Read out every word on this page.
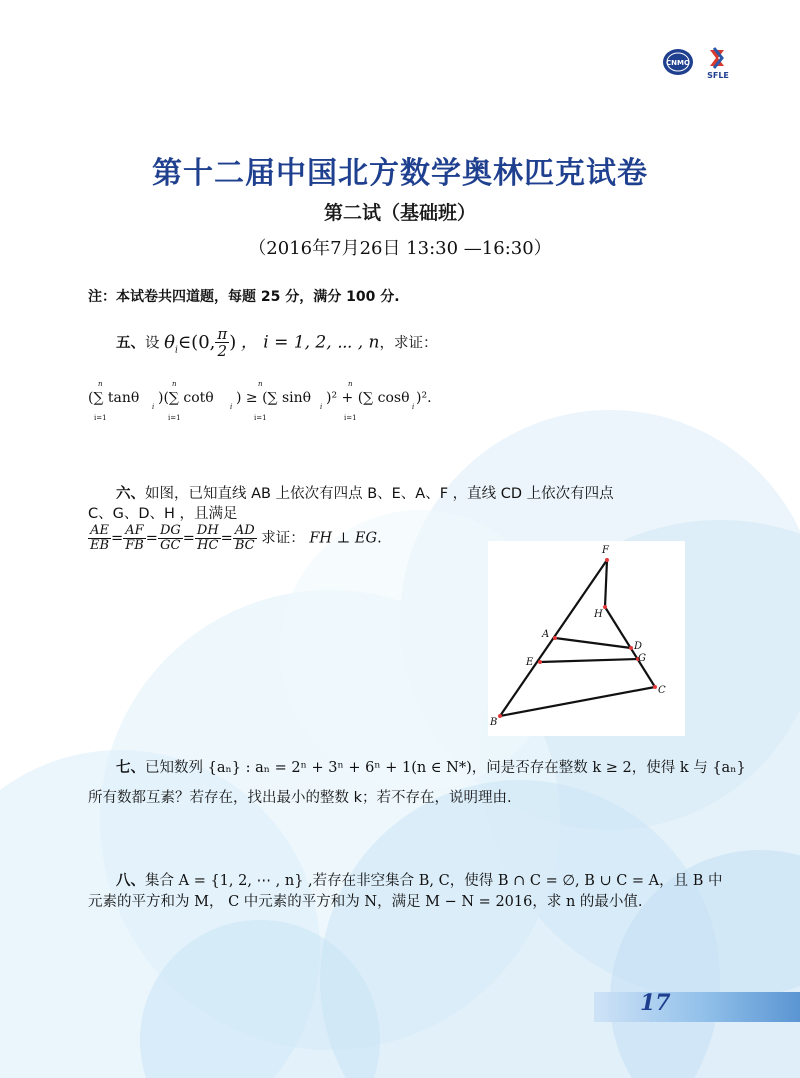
CNMO
SFLE
第十二届中国北方数学奥林匹克试卷
第二试（基础班）
（2016年7月26日 13:30 —16:30）
注：本试卷共四道题，每题 25 分，满分 100 分.
五、设 $\theta_i\in(0$, $\frac{\pi}{2}$ ) ， i = 1, 2, ⋯ , n，求证：
(∑ tanθ
i
)(∑ cotθ
i
) ≥ (∑ sinθ
i
)² + (∑ cosθ
i
)².
n
i=1
n
i=1
n
i=1
n
i=1
六、如图，已知直线 AB 上依次有四点 B、E、A、F ，直线 CD 上依次有四点
C、G、D、H ，且满足
$\frac{AE}{EB} = \frac{AF}{FB} = \frac{DG}{GC} = \frac{DH}{HC} = \frac{AD}{BC}$ 求证： FH ⊥ EG.
F
H
A
D
E	G
C
B
七、已知数列 {aₙ} : aₙ = 2ⁿ + 3ⁿ + 6ⁿ + 1(n ∈ N*)，问是否存在整数 k ≥ 2，使得 k 与 {aₙ}
所有数都互素？若存在，找出最小的整数 k；若不存在，说明理由.
八、集合 A = {1, 2, ⋯ , n} ,若存在非空集合 B, C，使得 B ∩ C = ∅, B ∪ C = A，且 B 中
元素的平方和为 M， C 中元素的平方和为 N，满足 M − N = 2016，求 n 的最小值.
17
